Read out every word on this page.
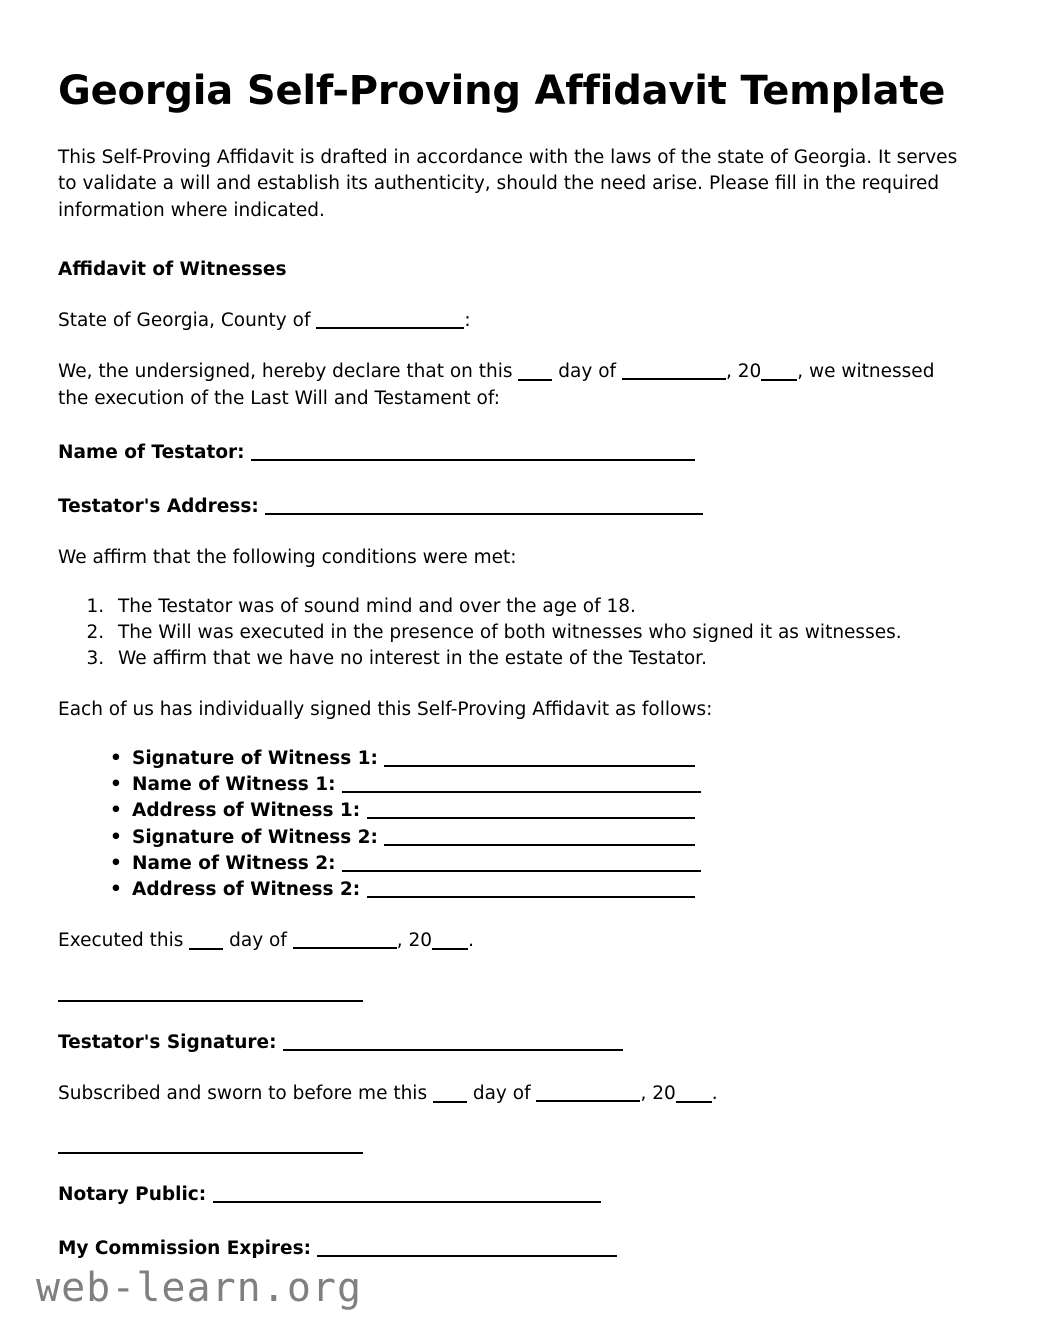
Georgia Self-Proving Affidavit Template

This Self-Proving Affidavit is drafted in accordance with the laws of the state of Georgia. It serves to validate a will and establish its authenticity, should the need arise. Please fill in the required information where indicated.

Affidavit of Witnesses

State of Georgia, County of	:

We, the undersigned, hereby declare that on this  day of	, 20 , we witnessed the execution of the Last Will and Testament of:

Name of Testator:
Testator's Address:

We affirm that the following conditions were met:

1. The Testator was of sound mind and over the age of 18.
2. The Will was executed in the presence of both witnesses who signed it as witnesses.
3. We affirm that we have no interest in the estate of the Testator.

Each of us has individually signed this Self-Proving Affidavit as follows:

• Signature of Witness 1:
• Name of Witness 1:
• Address of Witness 1:
• Signature of Witness 2:
• Name of Witness 2:
• Address of Witness 2:

Executed this  day of	, 20 .

Testator's Signature:

Subscribed and sworn to before me this  day of	, 20 .

Notary Public:
My Commission Expires:
web-learn.org
